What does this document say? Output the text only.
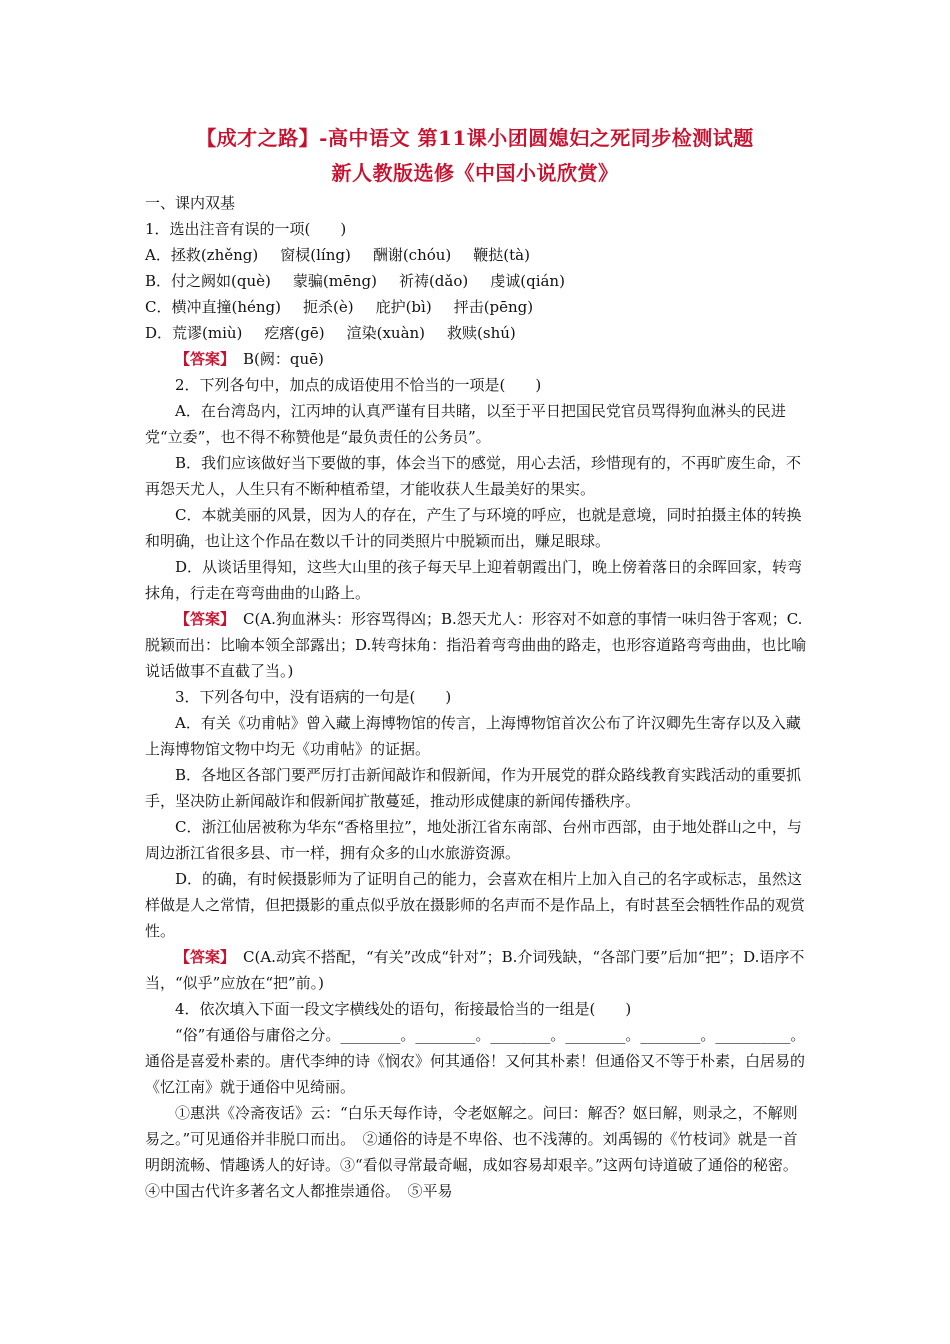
【成才之路】-高中语文 第11课小团圆媳妇之死同步检测试题
新人教版选修《中国小说欣赏》

一、课内双基

1．选出注音有误的一项(　　)

A．拯救(zhěng) 窗棂(líng) 酬谢(chóu) 鞭挞(tà)

B．付之阙如(què) 蒙骗(mēng) 祈祷(dǎo) 虔诚(qián)

C．横冲直撞(héng) 扼杀(è) 庇护(bì) 抨击(pēng)

D．荒谬(miù) 疙瘩(gē) 渲染(xuàn) 救赎(shú)

【答案】 B(阙：quē)

2．下列各句中，加点的成语使用不恰当的一项是(　　)

A．在台湾岛内，江丙坤的认真严谨有目共睹，以至于平日把国民党官员骂得狗血淋头的民进党“立委”，也不得不称赞他是“最负责任的公务员”。

B．我们应该做好当下要做的事，体会当下的感觉，用心去活，珍惜现有的，不再旷废生命，不再怨天尤人，人生只有不断种植希望，才能收获人生最美好的果实。

C．本就美丽的风景，因为人的存在，产生了与环境的呼应，也就是意境，同时拍摄主体的转换和明确，也让这个作品在数以千计的同类照片中脱颖而出，赚足眼球。

D．从谈话里得知，这些大山里的孩子每天早上迎着朝霞出门，晚上傍着落日的余晖回家，转弯抹角，行走在弯弯曲曲的山路上。

【答案】 C(A.狗血淋头：形容骂得凶；B.怨天尤人：形容对不如意的事情一味归咎于客观；C.脱颖而出：比喻本领全部露出；D.转弯抹角：指沿着弯弯曲曲的路走，也形容道路弯弯曲曲，也比喻说话做事不直截了当。)

3．下列各句中，没有语病的一句是(　　)

A．有关《功甫帖》曾入藏上海博物馆的传言，上海博物馆首次公布了许汉卿先生寄存以及入藏上海博物馆文物中均无《功甫帖》的证据。

B．各地区各部门要严厉打击新闻敲诈和假新闻，作为开展党的群众路线教育实践活动的重要抓手，坚决防止新闻敲诈和假新闻扩散蔓延，推动形成健康的新闻传播秩序。

C．浙江仙居被称为华东“香格里拉”，地处浙江省东南部、台州市西部，由于地处群山之中，与周边浙江省很多县、市一样，拥有众多的山水旅游资源。

D．的确，有时候摄影师为了证明自己的能力，会喜欢在相片上加入自己的名字或标志，虽然这样做是人之常情，但把摄影的重点似乎放在摄影师的名声而不是作品上，有时甚至会牺牲作品的观赏性。

【答案】 C(A.动宾不搭配，“有关”改成“针对”；B.介词残缺，“各部门要”后加“把”；D.语序不当，“似乎”应放在“把”前。)

4．依次填入下面一段文字横线处的语句，衔接最恰当的一组是(　　)

“俗”有通俗与庸俗之分。________。________。________。________。________。__________。通俗是喜爱朴素的。唐代李绅的诗《悯农》何其通俗！又何其朴素！但通俗又不等于朴素，白居易的《忆江南》就于通俗中见绮丽。

①惠洪《冷斋夜话》云：“白乐天每作诗，令老妪解之。问曰：解否？妪曰解，则录之，不解则易之。”可见通俗并非脱口而出。　②通俗的诗是不卑俗、也不浅薄的。刘禹锡的《竹枝词》就是一首明朗流畅、情趣诱人的好诗。③“看似寻常最奇崛，成如容易却艰辛。”这两句诗道破了通俗的秘密。　④中国古代许多著名文人都推崇通俗。　⑤平易
